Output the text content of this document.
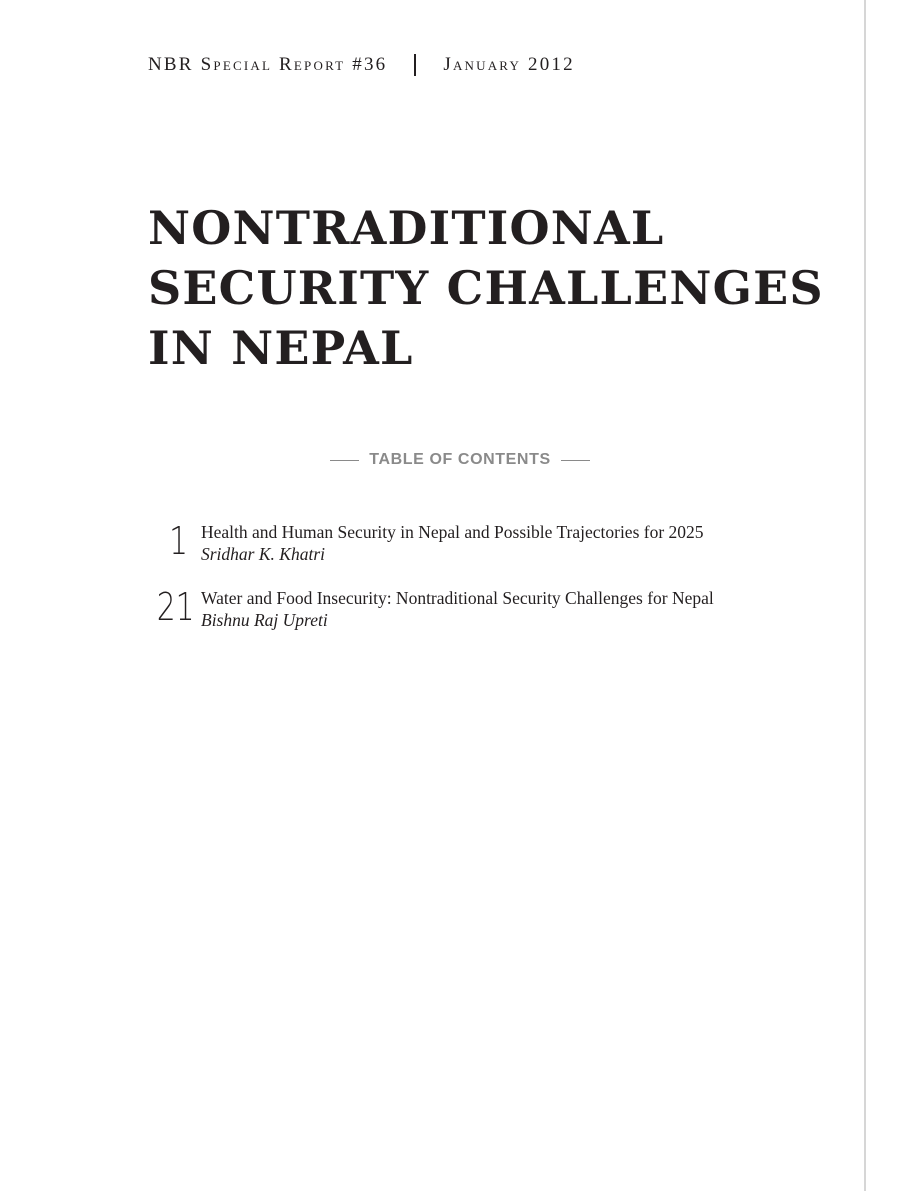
NBR Special Report #36	January 2012
NONTRADITIONAL
SECURITY CHALLENGES
IN NEPAL
TABLE OF CONTENTS
1 Health and Human Security in Nepal and Possible Trajectories for 2025
Sridhar K. Khatri
21 Water and Food Insecurity: Nontraditional Security Challenges for Nepal
Bishnu Raj Upreti
